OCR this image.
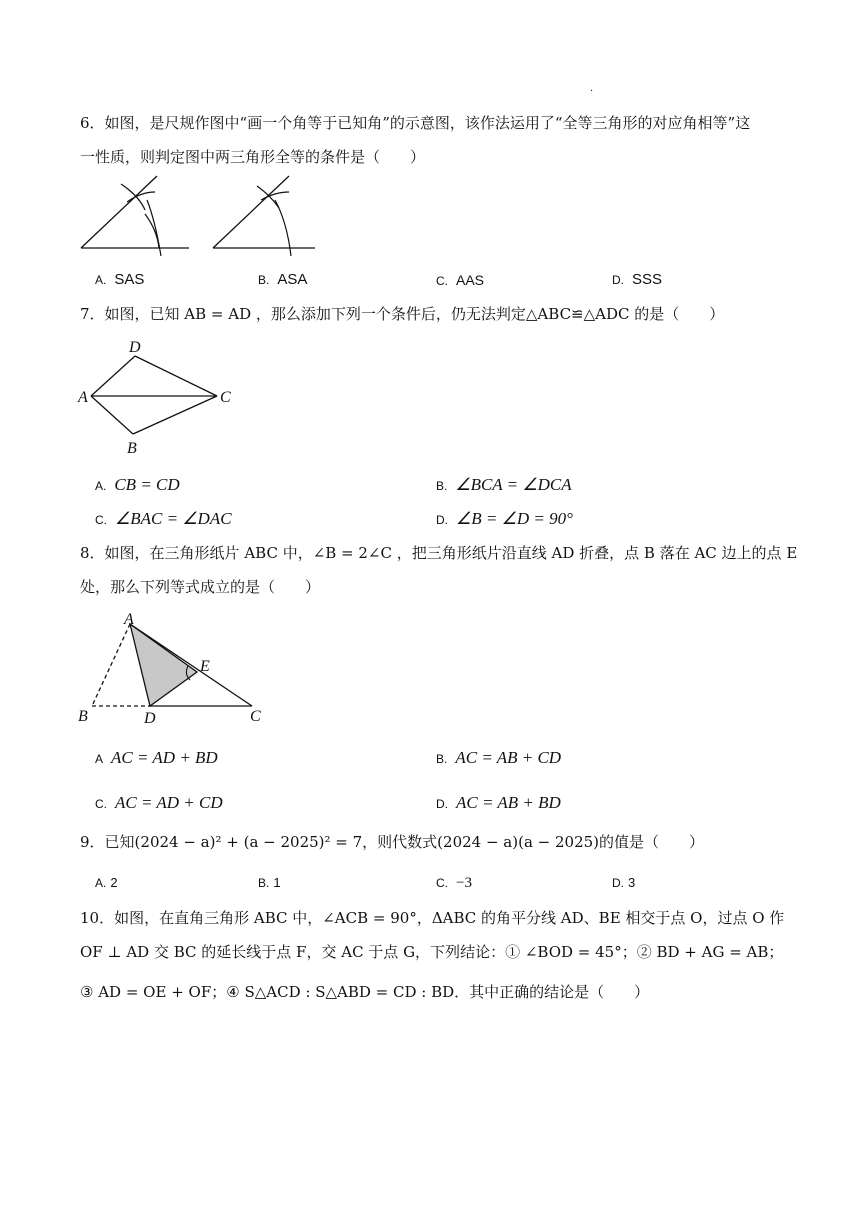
·
6．如图，是尺规作图中“画一个角等于已知角”的示意图，该作法运用了“全等三角形的对应角相等”这
一性质，则判定图中两三角形全等的条件是（　　）
A. SAS	B. ASA	C. AAS	D. SSS
7．如图，已知 AB = AD ，那么添加下列一个条件后，仍无法判定△ABC≌△ADC 的是（　　）
D
A	C
B
A. CB = CD	B. ∠BCA = ∠DCA
C. ∠BAC = ∠DAC	D. ∠B = ∠D = 90°
8．如图，在三角形纸片 ABC 中，∠B = 2∠C ，把三角形纸片沿直线 AD 折叠，点 B 落在 AC 边上的点 E
处，那么下列等式成立的是（　　）
A
E
B	D	C
A AC = AD + BD	B. AC = AB + CD
C. AC = AD + CD	D. AC = AB + BD
9．已知(2024 − a)² + (a − 2025)² = 7，则代数式(2024 − a)(a − 2025)的值是（　　）
A. 2	B. 1	C. −3	D. 3
10．如图，在直角三角形 ABC 中，∠ACB = 90°，ΔABC 的角平分线 AD、BE 相交于点 O，过点 O 作
OF ⊥ AD 交 BC 的延长线于点 F，交 AC 于点 G，下列结论：① ∠BOD = 45°；② BD + AG = AB；
③ AD = OE + OF；④ S△ACD : S△ABD = CD : BD．其中正确的结论是（　　）
